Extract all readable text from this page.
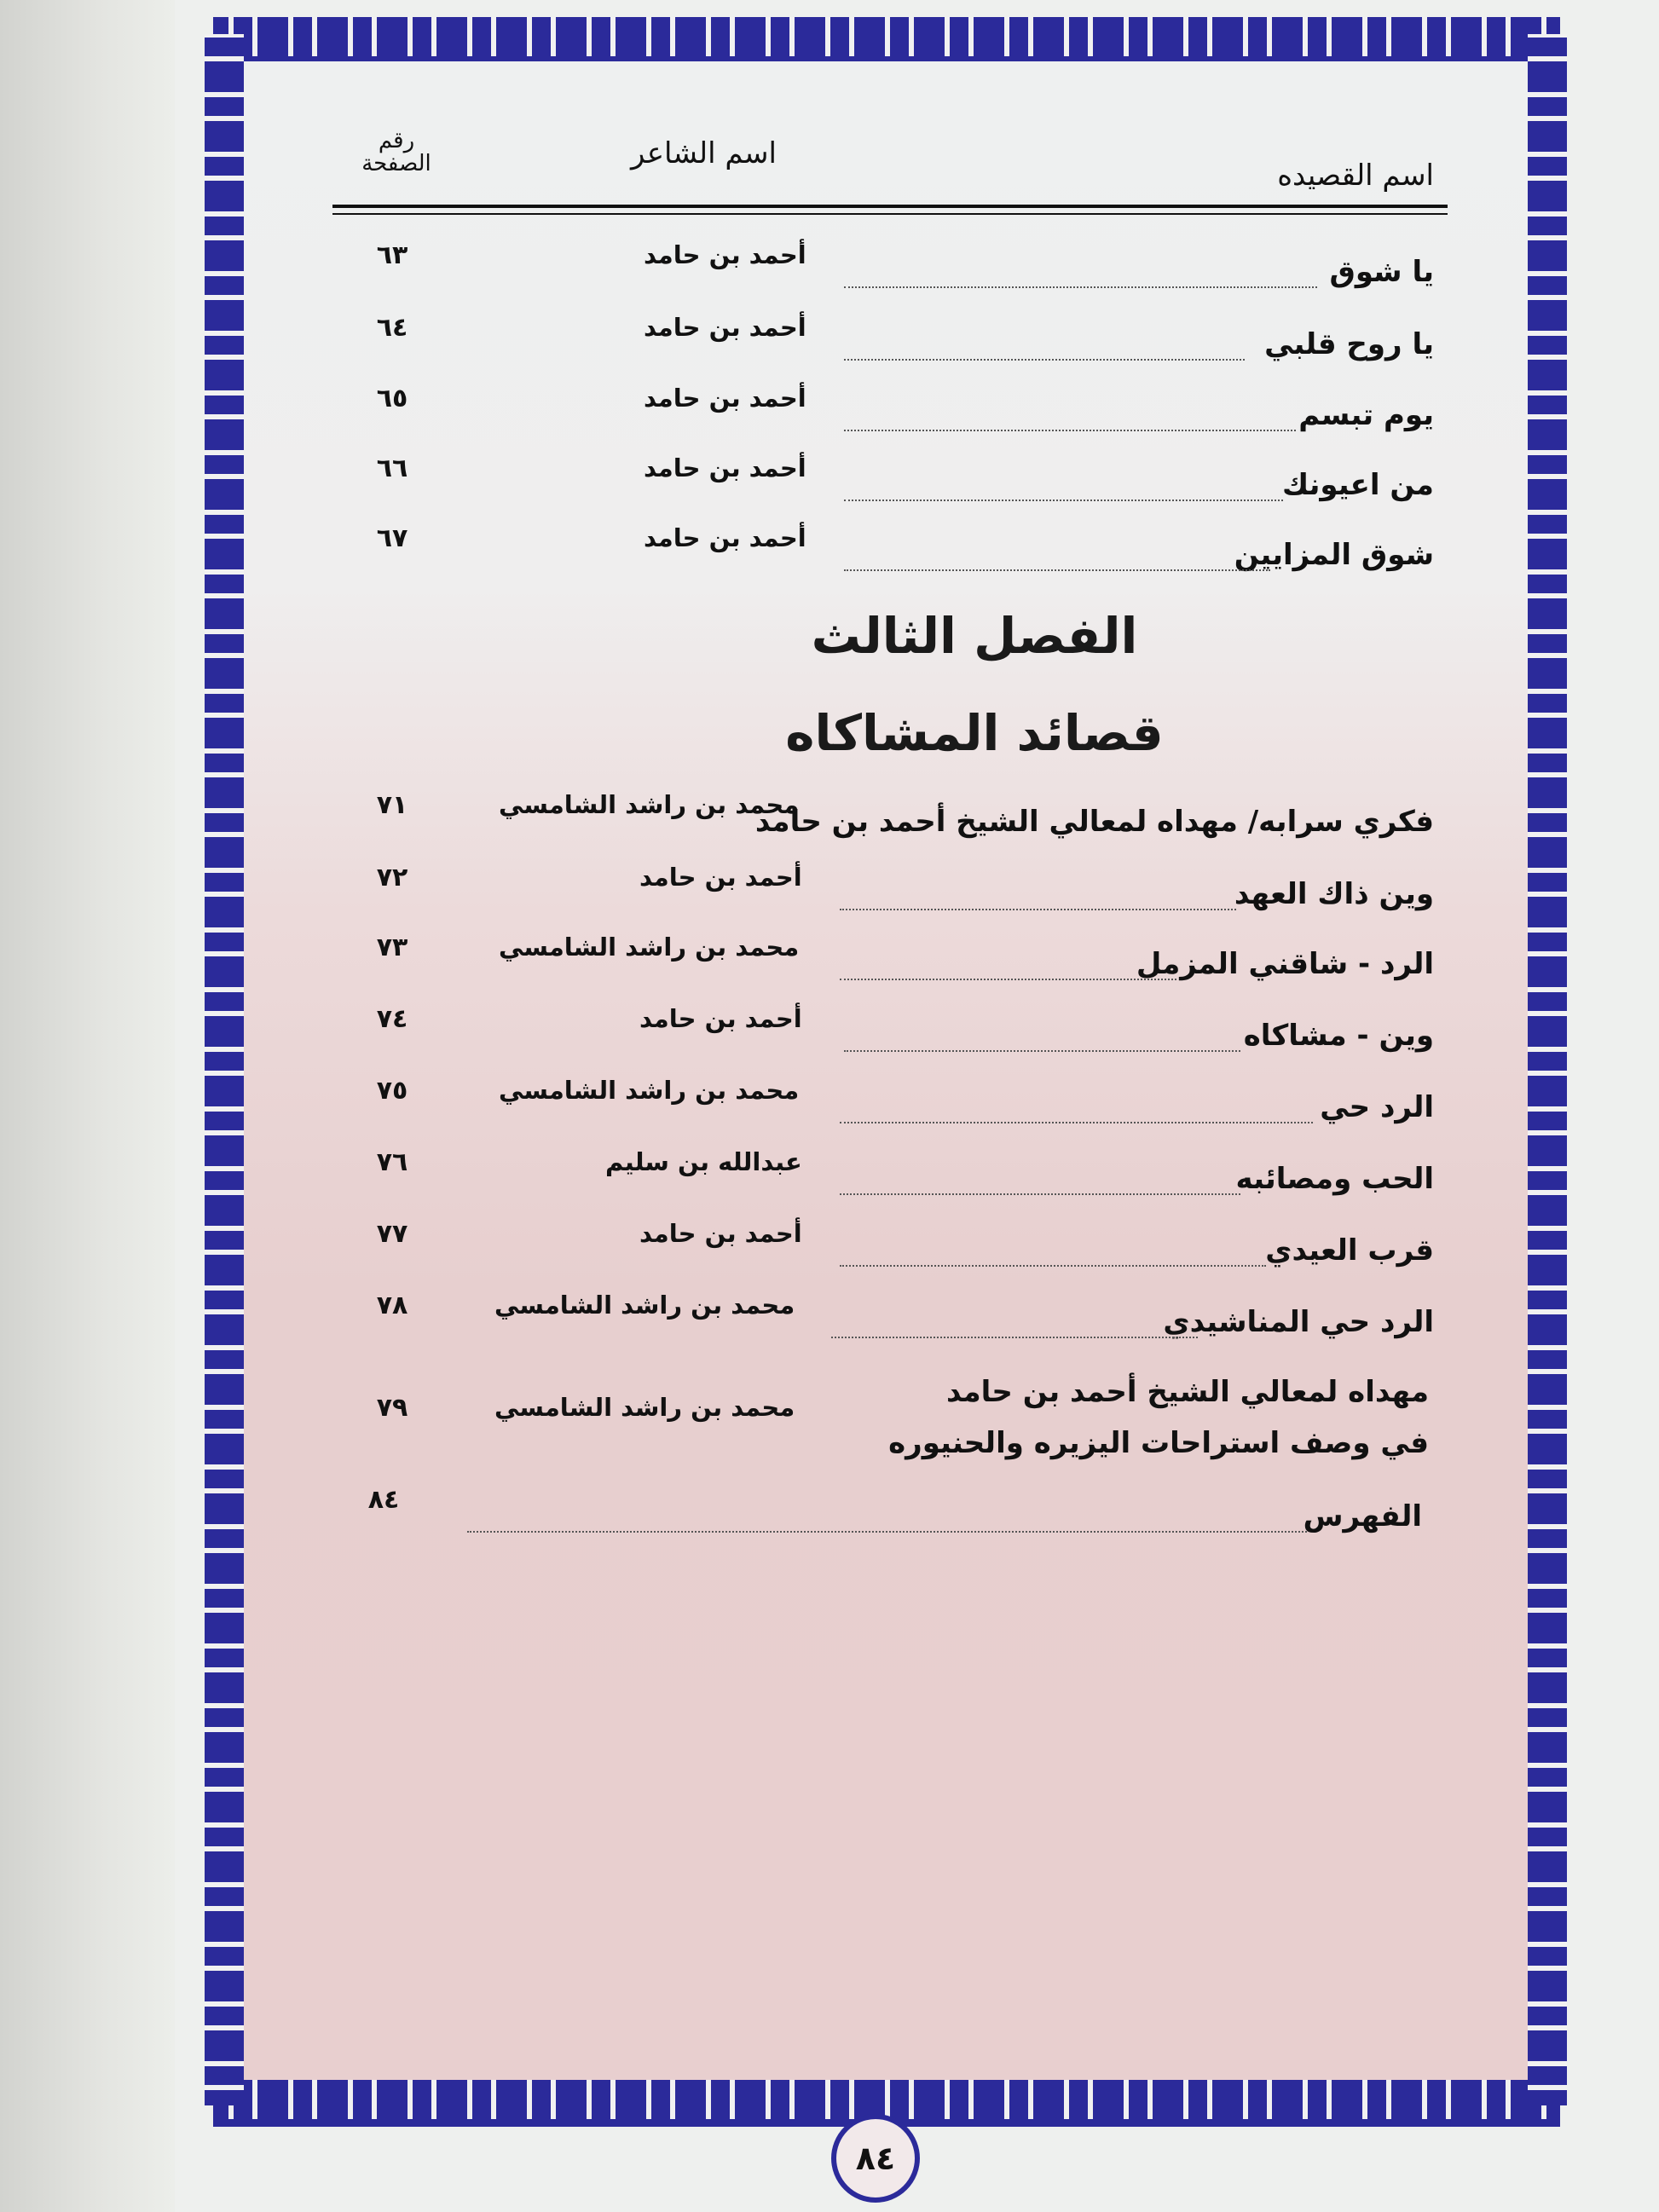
اسم القصيده
اسم الشاعر
رقم
الصفحة
يا شوق
أحمد بن حامد
٦٣
يا روح قلبي
أحمد بن حامد
٦٤
يوم تبسم
أحمد بن حامد
٦٥
من اعيونك
أحمد بن حامد
٦٦
شوق المزايين
أحمد بن حامد
٦٧
الفصل الثالث
قصائد المشاكاه
فكري سرابه/ مهداه لمعالي الشيخ أحمد بن حامد
محمد بن راشد الشامسي
٧١
وين ذاك العهد
أحمد بن حامد
٧٢
الرد - شاقني المزمل
محمد بن راشد الشامسي
٧٣
وين - مشاكاه
أحمد بن حامد
٧٤
الرد حي
محمد بن راشد الشامسي
٧٥
الحب ومصائبه
عبدالله بن سليم
٧٦
قرب العيدي
أحمد بن حامد
٧٧
الرد حي المناشيدي
محمد بن راشد الشامسي
٧٨
مهداه لمعالي الشيخ أحمد بن حامد
في وصف استراحات اليزيره والحنيوره
محمد بن راشد الشامسي
٧٩
الفهرس
٨٤
٨٤
